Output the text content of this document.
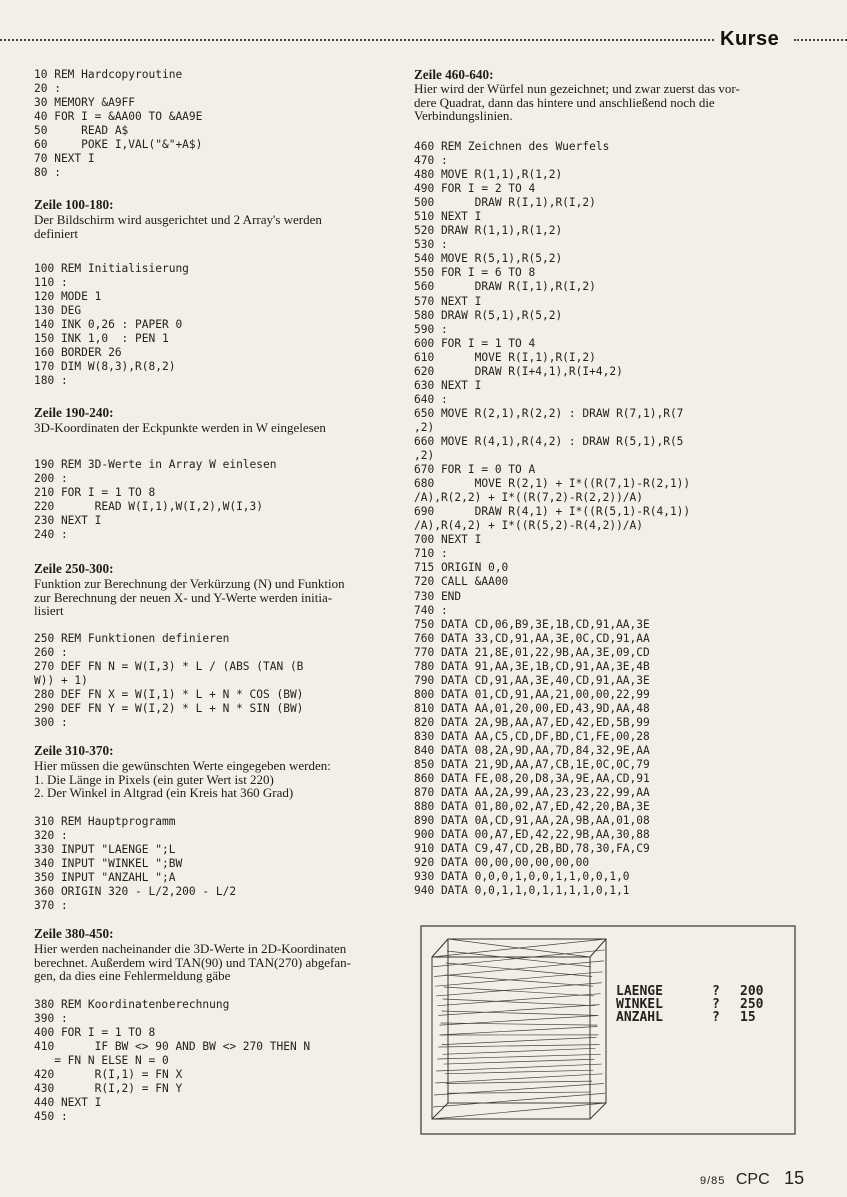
Kurse
10 REM Hardcopyroutine
20 :
30 MEMORY &A9FF
40 FOR I = &AA00 TO &AA9E
50     READ A$
60     POKE I,VAL("&"+A$)
70 NEXT I
80 :

Zeile 100-180:

Der Bildschirm wird ausgerichtet und 2 Array's werden
definiert

100 REM Initialisierung
110 :
120 MODE 1
130 DEG
140 INK 0,26 : PAPER 0
150 INK 1,0  : PEN 1
160 BORDER 26
170 DIM W(8,3),R(8,2)
180 :

Zeile 190-240:

3D-Koordinaten der Eckpunkte werden in W eingelesen

190 REM 3D-Werte in Array W einlesen
200 :
210 FOR I = 1 TO 8
220      READ W(I,1),W(I,2),W(I,3)
230 NEXT I
240 :

Zeile 250-300:

Funktion zur Berechnung der Verkürzung (N) und Funktion
zur Berechnung der neuen X- und Y-Werte werden initia-
lisiert

250 REM Funktionen definieren
260 :
270 DEF FN N = W(I,3) * L / (ABS (TAN (B
W)) + 1)
280 DEF FN X = W(I,1) * L + N * COS (BW)
290 DEF FN Y = W(I,2) * L + N * SIN (BW)
300 :

Zeile 310-370:

Hier müssen die gewünschten Werte eingegeben werden:
1. Die Länge in Pixels (ein guter Wert ist 220)
2. Der Winkel in Altgrad (ein Kreis hat 360 Grad)

310 REM Hauptprogramm
320 :
330 INPUT "LAENGE ";L
340 INPUT "WINKEL ";BW
350 INPUT "ANZAHL ";A
360 ORIGIN 320 - L/2,200 - L/2
370 :

Zeile 380-450:

Hier werden nacheinander die 3D-Werte in 2D-Koordinaten
berechnet. Außerdem wird TAN(90) und TAN(270) abgefan-
gen, da dies eine Fehlermeldung gäbe

380 REM Koordinatenberechnung
390 :
400 FOR I = 1 TO 8
410      IF BW <> 90 AND BW <> 270 THEN N
= FN N ELSE N = 0
420      R(I,1) = FN X
430      R(I,2) = FN Y
440 NEXT I
450 :

Zeile 460-640:

Hier wird der Würfel nun gezeichnet; und zwar zuerst das vor-
dere Quadrat, dann das hintere und anschließend noch die
Verbindungslinien.

460 REM Zeichnen des Wuerfels
470 :
480 MOVE R(1,1),R(1,2)
490 FOR I = 2 TO 4
500      DRAW R(I,1),R(I,2)
510 NEXT I
520 DRAW R(1,1),R(1,2)
530 :
540 MOVE R(5,1),R(5,2)
550 FOR I = 6 TO 8
560      DRAW R(I,1),R(I,2)
570 NEXT I
580 DRAW R(5,1),R(5,2)
590 :
600 FOR I = 1 TO 4
610      MOVE R(I,1),R(I,2)
620      DRAW R(I+4,1),R(I+4,2)
630 NEXT I
640 :
650 MOVE R(2,1),R(2,2) : DRAW R(7,1),R(7
,2)
660 MOVE R(4,1),R(4,2) : DRAW R(5,1),R(5
,2)
670 FOR I = 0 TO A
680      MOVE R(2,1) + I*((R(7,1)-R(2,1))
/A),R(2,2) + I*((R(7,2)-R(2,2))/A)
690      DRAW R(4,1) + I*((R(5,1)-R(4,1))
/A),R(4,2) + I*((R(5,2)-R(4,2))/A)
700 NEXT I
710 :
715 ORIGIN 0,0
720 CALL &AA00
730 END
740 :
750 DATA CD,06,B9,3E,1B,CD,91,AA,3E
760 DATA 33,CD,91,AA,3E,0C,CD,91,AA
770 DATA 21,8E,01,22,9B,AA,3E,09,CD
780 DATA 91,AA,3E,1B,CD,91,AA,3E,4B
790 DATA CD,91,AA,3E,40,CD,91,AA,3E
800 DATA 01,CD,91,AA,21,00,00,22,99
810 DATA AA,01,20,00,ED,43,9D,AA,48
820 DATA 2A,9B,AA,A7,ED,42,ED,5B,99
830 DATA AA,C5,CD,DF,BD,C1,FE,00,28
840 DATA 08,2A,9D,AA,7D,84,32,9E,AA
850 DATA 21,9D,AA,A7,CB,1E,0C,0C,79
860 DATA FE,08,20,D8,3A,9E,AA,CD,91
870 DATA AA,2A,99,AA,23,23,22,99,AA
880 DATA 01,80,02,A7,ED,42,20,BA,3E
890 DATA 0A,CD,91,AA,2A,9B,AA,01,08
900 DATA 00,A7,ED,42,22,9B,AA,30,88
910 DATA C9,47,CD,2B,BD,78,30,FA,C9
920 DATA 00,00,00,00,00,00
930 DATA 0,0,0,1,0,0,1,1,0,0,1,0
940 DATA 0,0,1,1,0,1,1,1,1,0,1,1
LAENGE	? 200
WINKEL	? 250
ANZAHL	? 15
9/85 CPC 15
